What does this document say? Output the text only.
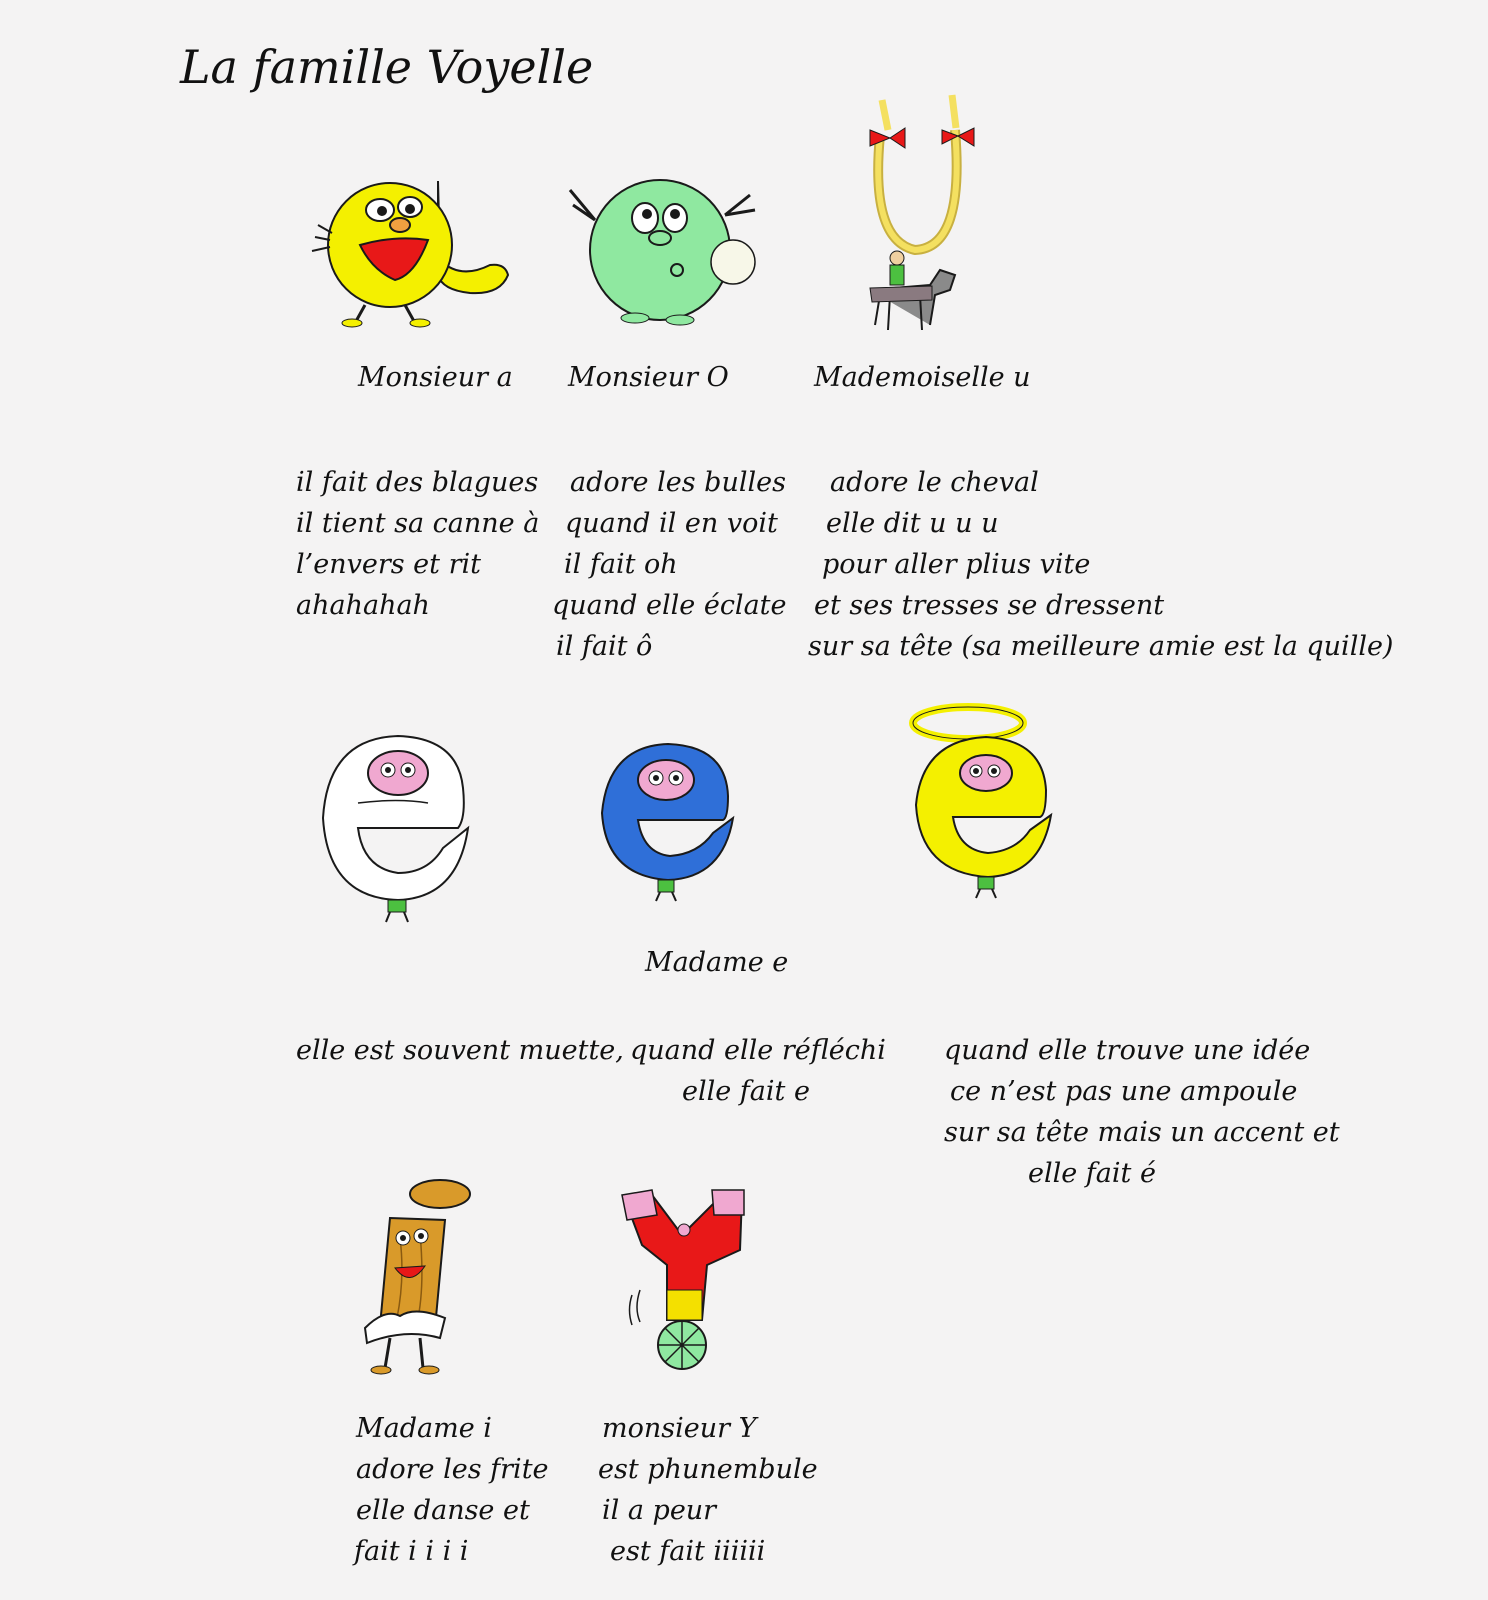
La famille Voyelle
Monsieur a Monsieur O	Mademoiselle u
il fait des blagues
il tient sa canne à
l’envers et rit
ahahahah
adore les bulles
quand il en voit
il fait oh
quand elle éclate
il fait ô
adore le cheval
elle dit u u u
pour aller plius vite
et ses tresses se dressent
sur sa tête (sa meilleure amie est la quille)
Madame e
elle est souvent muette, quand elle réfléchi
elle fait e
quand elle trouve une idée
ce n’est pas une ampoule
sur sa tête mais un accent et
elle fait é
Madame i
adore les frite
elle danse et
fait i i i i
monsieur Y
est phunembule
il a peur
est fait iiiiii
